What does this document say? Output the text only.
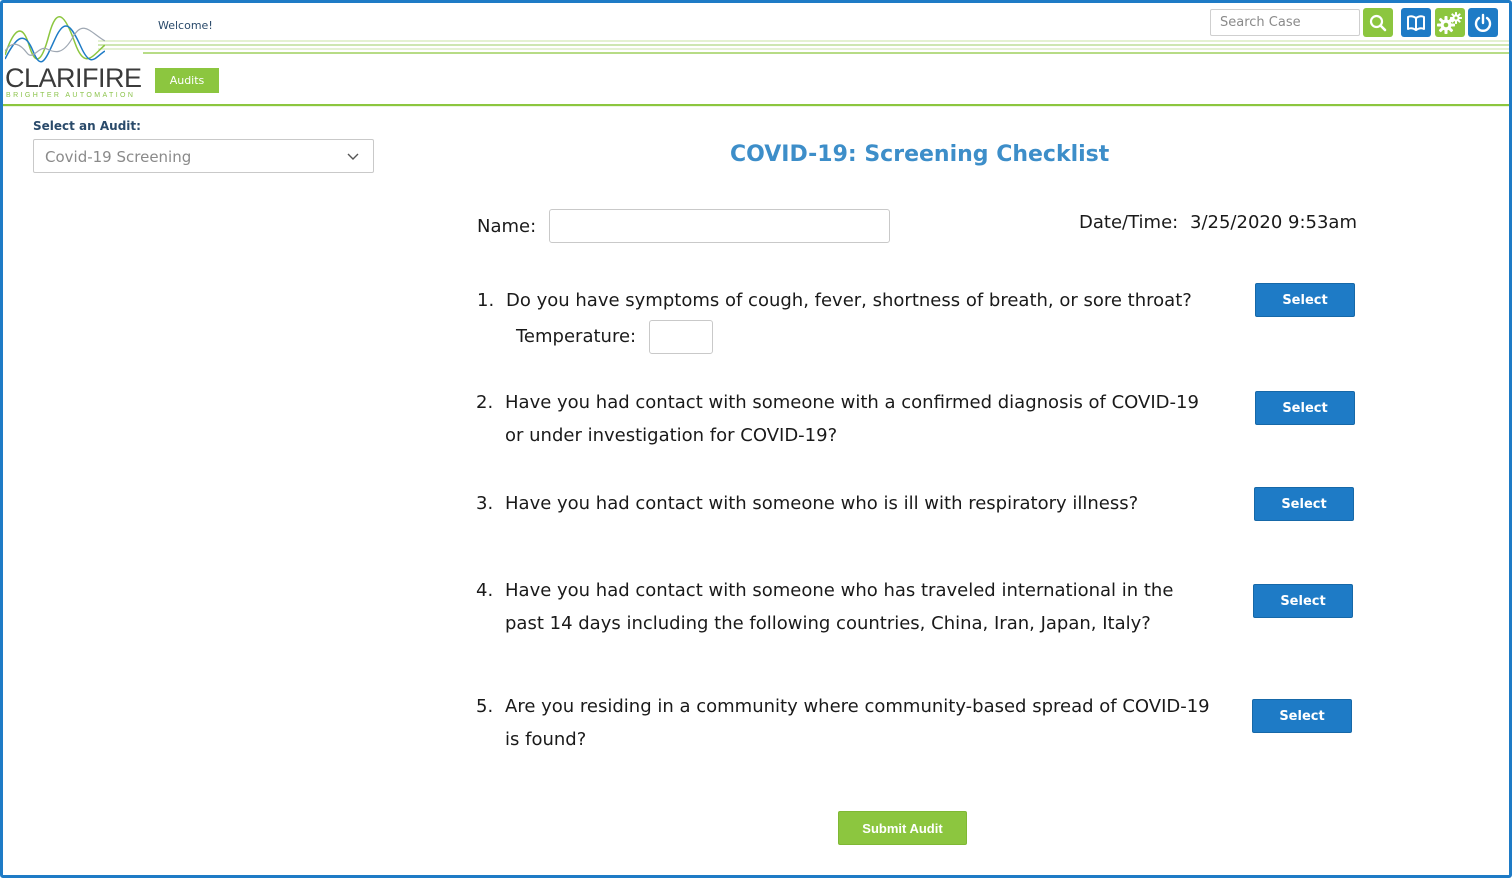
CLARIFIRE
BRIGHTER AUTOMATION
Welcome!
Audits
Search Case
Select an Audit:
Covid-19 Screening	COVID-19: Screening Checklist
Name:	Date/Time: 3/25/2020 9:53am
1. Do you have symptoms of cough, fever, shortness of breath, or sore throat?	Select
Temperature:
2. Have you had contact with someone with a confirmed diagnosis of COVID-19 or under investigation for COVID-19?
Select
3. Have you had contact with someone who is ill with respiratory illness?	Select
4. Have you had contact with someone who has traveled international in the past 14 days including the following countries, China, Iran, Japan, Italy?
Select
5. Are you residing in a community where community-based spread of COVID-19 is found?
Select
Submit Audit
